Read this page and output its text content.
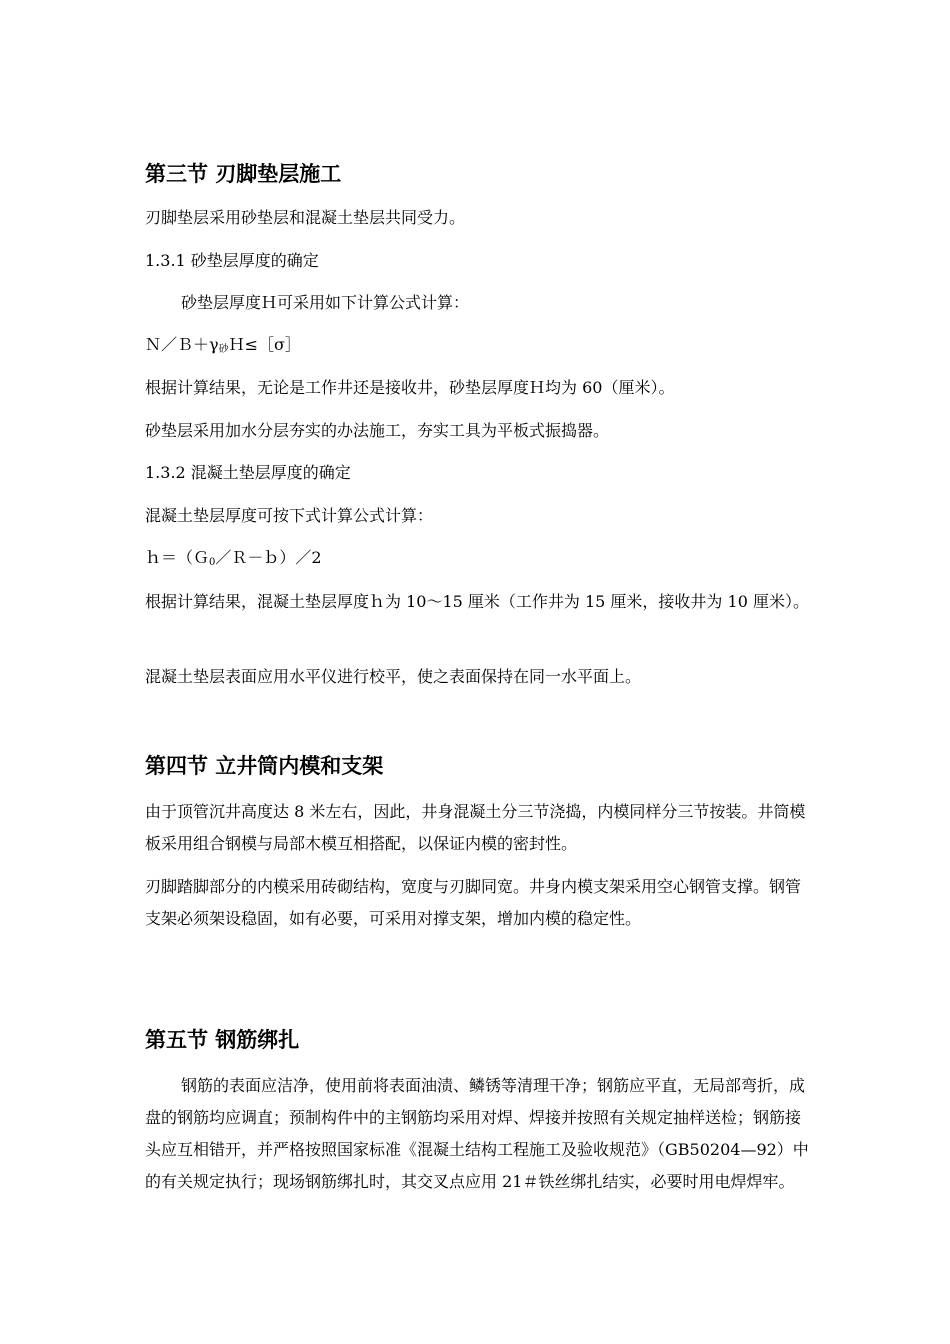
第三节 刃脚垫层施工

刃脚垫层采用砂垫层和混凝土垫层共同受力。

1.3.1 砂垫层厚度的确定

砂垫层厚度Ｈ可采用如下计算公式计算：

$N/B+\gamma_砂H\le[\sigma]$

根据计算结果，无论是工作井还是接收井，砂垫层厚度Ｈ均为 60（厘米）。

砂垫层采用加水分层夯实的办法施工，夯实工具为平板式振捣器。

1.3.2 混凝土垫层厚度的确定

混凝土垫层厚度可按下式计算公式计算：

ｈ＝（Ｇ$_0$／Ｒ－ｂ）／2

根据计算结果，混凝土垫层厚度ｈ为 10～15 厘米（工作井为 15 厘米，接收井为 10 厘米）。

混凝土垫层表面应用水平仪进行校平，使之表面保持在同一水平面上。

第四节 立井筒内模和支架

由于顶管沉井高度达 8 米左右，因此，井身混凝土分三节浇捣，内模同样分三节按装。井筒模板采用组合钢模与局部木模互相搭配，以保证内模的密封性。

刃脚踏脚部分的内模采用砖砌结构，宽度与刃脚同宽。井身内模支架采用空心钢管支撑。钢管支架必须架设稳固，如有必要，可采用对撑支架，增加内模的稳定性。

第五节 钢筋绑扎

钢筋的表面应洁净，使用前将表面油渍、鳞锈等清理干净；钢筋应平直，无局部弯折，成盘的钢筋均应调直；预制构件中的主钢筋均采用对焊、焊接并按照有关规定抽样送检；钢筋接头应互相错开，并严格按照国家标准《混凝土结构工程施工及验收规范》（GB50204—92）中的有关规定执行；现场钢筋绑扎时，其交叉点应用 21＃铁丝绑扎结实，必要时用电焊焊牢。
